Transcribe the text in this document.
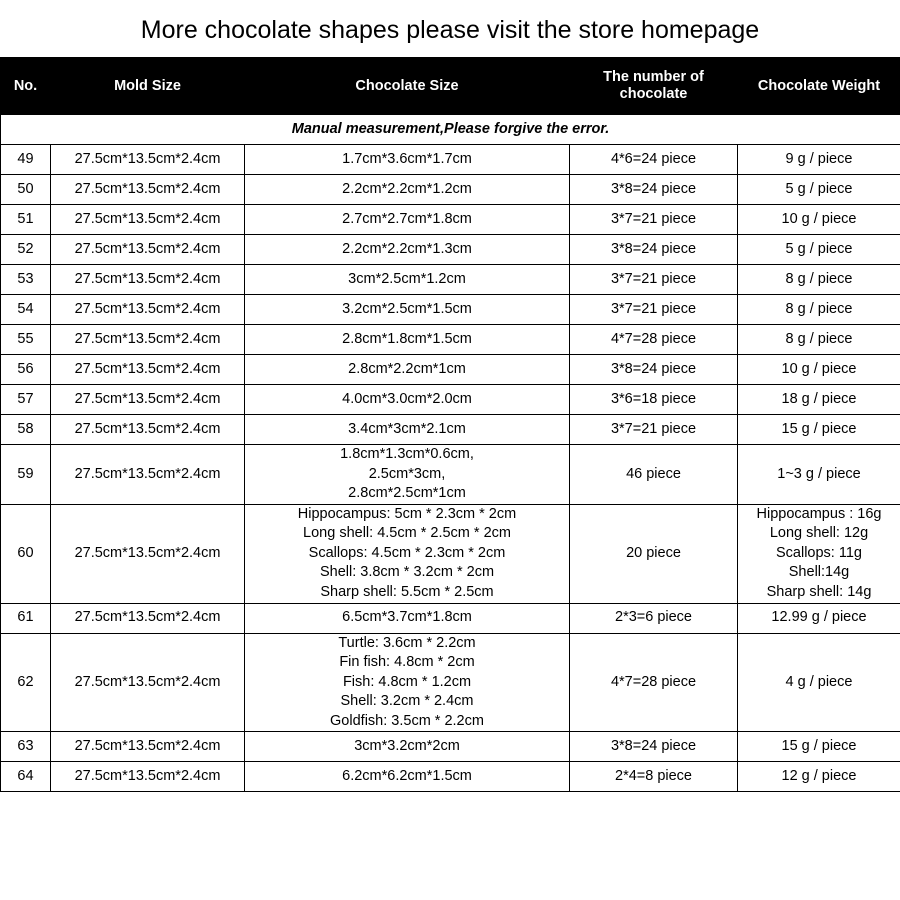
More chocolate shapes please visit the store homepage
No.	Mold Size	Chocolate Size	The number of chocolate	Chocolate Weight
Manual measurement,Please forgive the error.				

49	27.5cm*13.5cm*2.4cm	1.7cm*3.6cm*1.7cm	4*6=24 piece	9 g / piece

50	27.5cm*13.5cm*2.4cm	2.2cm*2.2cm*1.2cm	3*8=24 piece	5 g / piece

51	27.5cm*13.5cm*2.4cm	2.7cm*2.7cm*1.8cm	3*7=21 piece	10 g / piece

52	27.5cm*13.5cm*2.4cm	2.2cm*2.2cm*1.3cm	3*8=24 piece	5 g / piece

53	27.5cm*13.5cm*2.4cm	3cm*2.5cm*1.2cm	3*7=21 piece	8 g / piece

54	27.5cm*13.5cm*2.4cm	3.2cm*2.5cm*1.5cm	3*7=21 piece	8 g / piece

55	27.5cm*13.5cm*2.4cm	2.8cm*1.8cm*1.5cm	4*7=28 piece	8 g / piece

56	27.5cm*13.5cm*2.4cm	2.8cm*2.2cm*1cm	3*8=24 piece	10 g / piece

57	27.5cm*13.5cm*2.4cm	4.0cm*3.0cm*2.0cm	3*6=18 piece	18 g / piece

58	27.5cm*13.5cm*2.4cm	3.4cm*3cm*2.1cm	3*7=21 piece	15 g / piece

59	27.5cm*13.5cm*2.4cm	1.8cm*1.3cm*0.6cm,
2.5cm*3cm,
2.8cm*2.5cm*1cm	46 piece	1~3 g / piece

60	27.5cm*13.5cm*2.4cm	Hippocampus: 5cm * 2.3cm * 2cm
Long shell: 4.5cm * 2.5cm * 2cm
Scallops: 4.5cm * 2.3cm * 2cm
Shell: 3.8cm * 3.2cm * 2cm
Sharp shell: 5.5cm * 2.5cm	20 piece	Hippocampus : 16g
Long shell: 12g
Scallops: 11g
Shell:14g
Sharp shell: 14g

61	27.5cm*13.5cm*2.4cm	6.5cm*3.7cm*1.8cm	2*3=6 piece	12.99 g / piece

62	27.5cm*13.5cm*2.4cm	Turtle: 3.6cm * 2.2cm
Fin fish: 4.8cm * 2cm
Fish: 4.8cm * 1.2cm
Shell: 3.2cm * 2.4cm
Goldfish: 3.5cm * 2.2cm	4*7=28 piece	4 g / piece

63	27.5cm*13.5cm*2.4cm	3cm*3.2cm*2cm	3*8=24 piece	15 g / piece

64	27.5cm*13.5cm*2.4cm	6.2cm*6.2cm*1.5cm	2*4=8 piece	12 g / piece
